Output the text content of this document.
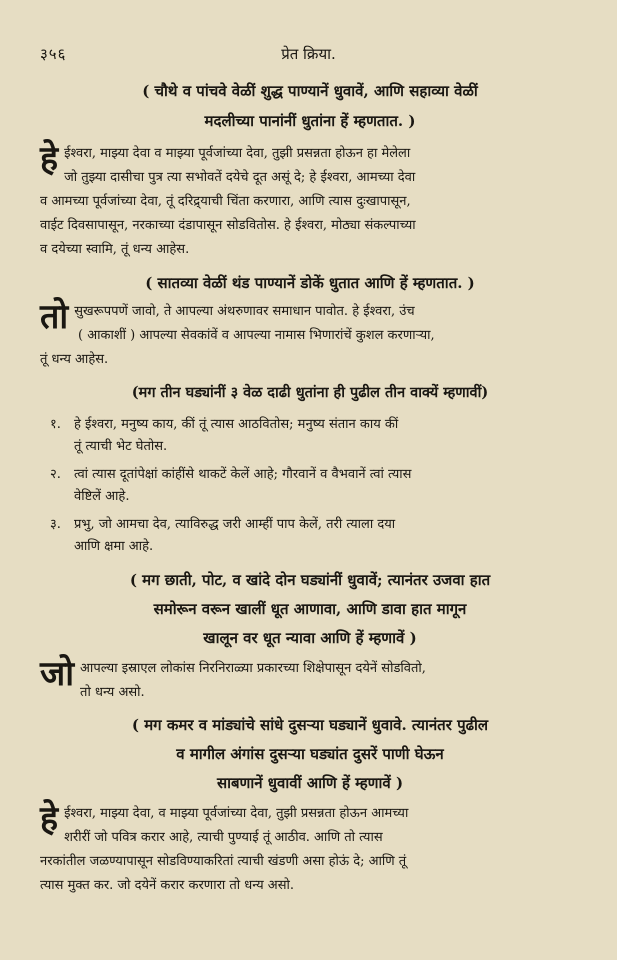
३५६	प्रेत क्रिया.
( चौथे व पांचवे वेळीं शुद्ध पाण्यानें धुवावें, आणि सहाव्या वेळीं
मदलीच्या पानांनीं धुतांना हें म्हणतात. )
हे ईश्वरा, माझ्या देवा व माझ्या पूर्वजांच्या देवा, तुझी प्रसन्नता होऊन हा मेलेला
जो तुझ्या दासीचा पुत्र त्या सभोवतें दयेचे दूत असूं दे; हे ईश्वरा, आमच्या देवा
व आमच्या पूर्वजांच्या देवा, तूं दरिद्र्याची चिंता करणारा, आणि त्यास दुःखापासून,
वाईट दिवसापासून, नरकाच्या दंडापासून सोडवितोस. हे ईश्वरा, मोठ्या संकल्पाच्या
व दयेच्या स्वामि, तूं धन्य आहेस.
( सातव्या वेळीं थंड पाण्यानें डोकें धुतात आणि हें म्हणतात. )
तो सुखरूपपणें जावो, ते आपल्या अंथरुणावर समाधान पावोत. हे ईश्वरा, उंच
( आकाशीं ) आपल्या सेवकांवें व आपल्या नामास भिणारांचें कुशल करणाऱ्या,
तूं धन्य आहेस.
(मग तीन घड्यांनीं ३ वेळ दाढी धुतांना ही पुढील तीन वाक्यें म्हणावीं)
१.	हे ईश्वरा, मनुष्य काय, कीं तूं त्यास आठवितोस; मनुष्य संतान काय कीं
तूं त्याची भेट घेतोस.
२.	त्वां त्यास दूतांपेक्षां कांहींसे थाकटें केलें आहे; गौरवानें व वैभवानें त्वां त्यास
वेष्टिलें आहे.
३.	प्रभु, जो आमचा देव, त्याविरुद्ध जरी आम्हीं पाप केलें, तरी त्याला दया
आणि क्षमा आहे.
( मग छाती, पोट, व खांदे दोन घड्यांनीं धुवावें; त्यानंतर उजवा हात
समोरून वरून खालीं धूत आणावा, आणि डावा हात मागून
खालून वर धूत न्यावा आणि हें म्हणावें )
जो आपल्या इस्राएल लोकांस निरनिराळ्या प्रकारच्या शिक्षेपासून दयेनें सोडवितो,
तो धन्य असो.
( मग कमर व मांड्यांचे सांधे दुसऱ्या घड्यानें धुवावे. त्यानंतर पुढील
व मागील अंगांस दुसऱ्या घड्यांत दुसरें पाणी घेऊन
साबणानें धुवावीं आणि हें म्हणावें )
हे ईश्वरा, माझ्या देवा, व माझ्या पूर्वजांच्या देवा, तुझी प्रसन्नता होऊन आमच्या
शरीरीं जो पवित्र करार आहे, त्याची पुण्याई तूं आठीव. आणि तो त्यास
नरकांतील जळण्यापासून सोडविण्याकरितां त्याची खंडणी असा होऊं दे; आणि तूं
त्यास मुक्त कर. जो दयेनें करार करणारा तो धन्य असो.
